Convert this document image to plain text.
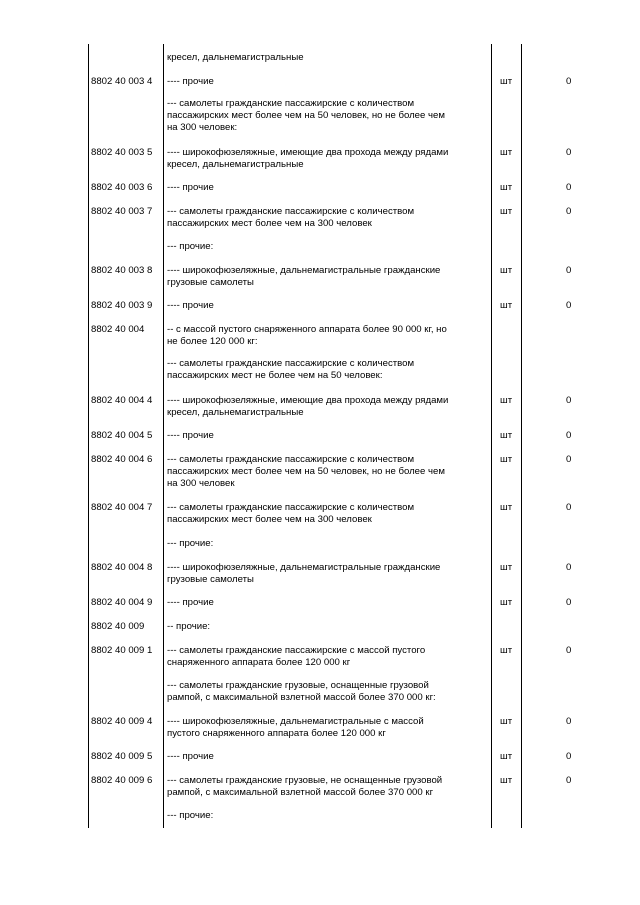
кресел, дальнемагистральные
8802 40 003 4 ---- прочие	шт	0
--- самолеты гражданские пассажирские с количеством
пассажирских мест более чем на 50 человек, но не более чем
на 300 человек:
8802 40 003 5 ---- широкофюзеляжные, имеющие два прохода между рядами
кресел, дальнемагистральные
шт	0
8802 40 003 6 ---- прочие	шт	0
8802 40 003 7 --- самолеты гражданские пассажирские с количеством
пассажирских мест более чем на 300 человек
шт	0
--- прочие:
8802 40 003 8 ---- широкофюзеляжные, дальнемагистральные гражданские
грузовые самолеты
шт	0
8802 40 003 9 ---- прочие	шт	0
8802 40 004 -- с массой пустого снаряженного аппарата более 90 000 кг, но
не более 120 000 кг:
--- самолеты гражданские пассажирские с количеством
пассажирских мест не более чем на 50 человек:
8802 40 004 4 ---- широкофюзеляжные, имеющие два прохода между рядами
кресел, дальнемагистральные
шт	0
8802 40 004 5 ---- прочие	шт	0
8802 40 004 6 --- самолеты гражданские пассажирские с количеством
пассажирских мест более чем на 50 человек, но не более чем
на 300 человек
шт	0
8802 40 004 7 --- самолеты гражданские пассажирские с количеством
пассажирских мест более чем на 300 человек
шт	0
--- прочие:
8802 40 004 8 ---- широкофюзеляжные, дальнемагистральные гражданские
грузовые самолеты
шт	0
8802 40 004 9 ---- прочие	шт	0
8802 40 009 -- прочие:
8802 40 009 1 --- самолеты гражданские пассажирские с массой пустого
снаряженного аппарата более 120 000 кг
шт	0
--- самолеты гражданские грузовые, оснащенные грузовой
рампой, с максимальной взлетной массой более 370 000 кг:
8802 40 009 4 ---- широкофюзеляжные, дальнемагистральные с массой
пустого снаряженного аппарата более 120 000 кг
шт	0
8802 40 009 5 ---- прочие	шт	0
8802 40 009 6 --- самолеты гражданские грузовые, не оснащенные грузовой
рампой, с максимальной взлетной массой более 370 000 кг
шт	0
--- прочие:
